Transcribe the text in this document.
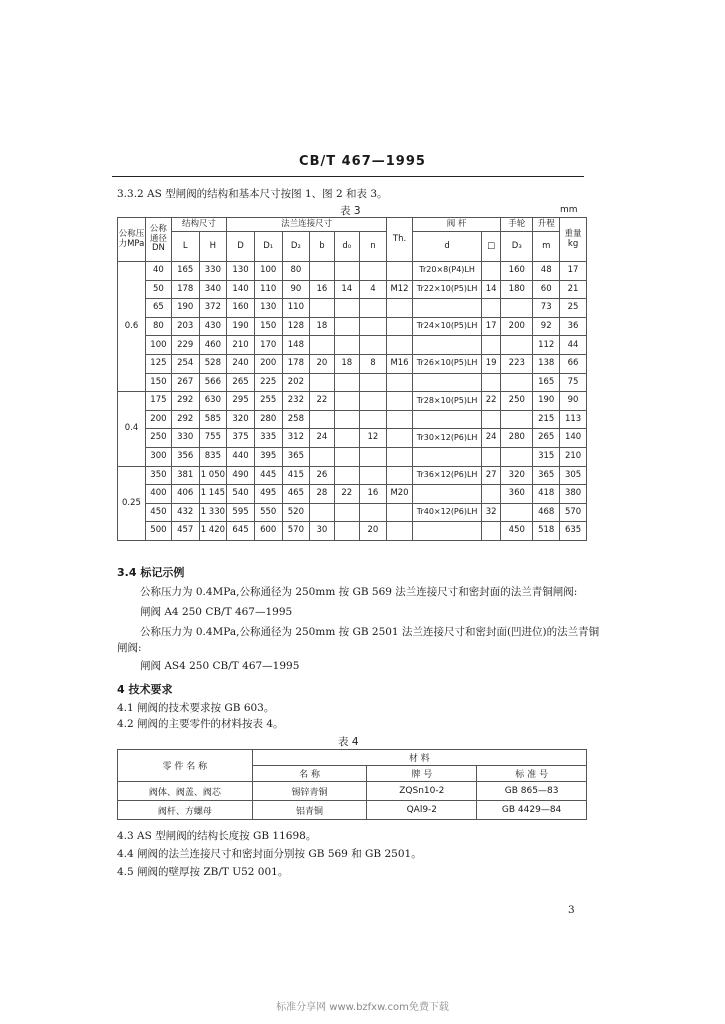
CB/T 467—1995
3.3.2 AS 型闸阀的结构和基本尺寸按图 1、图 2 和表 3。
表 3	mm
公称压力MPa	公称通径DN	结构尺寸		法兰连接尺寸						Th.	阀 杆		手轮	升程	重量kg
		L	H	D	D₁	D₂	b	d₀	n		d	□	D₃	m	
0.6	40	165	330	130	100	80					Tr20×8(P4)LH		160	48	17
	50	178	340	140	110	90	16	14	4	M12	Tr22×10(P5)LH	14	180	60	21
	65	190	372	160	130	110								73	25
	80	203	430	190	150	128	18				Tr24×10(P5)LH	17	200	92	36
	100	229	460	210	170	148								112	44
	125	254	528	240	200	178	20	18	8	M16	Tr26×10(P5)LH	19	223	138	66
	150	267	566	265	225	202								165	75
0.4	175	292	630	295	255	232	22				Tr28×10(P5)LH	22	250	190	90
	200	292	585	320	280	258								215	113
	250	330	755	375	335	312	24		12		Tr30×12(P6)LH	24	280	265	140
	300	356	835	440	395	365								315	210
0.25	350	381	1 050	490	445	415	26				Tr36×12(P6)LH	27	320	365	305
	400	406	1 145	540	495	465	28	22	16	M20			360	418	380
	450	432	1 330	595	550	520					Tr40×12(P6)LH	32		468	570
	500	457	1 420	645	600	570	30		20				450	518	635
3.4 标记示例
公称压力为 0.4MPa,公称通径为 250mm 按 GB 569 法兰连接尺寸和密封面的法兰青铜闸阀:
闸阀 A4 250 CB/T 467—1995
公称压力为 0.4MPa,公称通径为 250mm 按 GB 2501 法兰连接尺寸和密封面(凹进位)的法兰青铜
闸阀:
闸阀 AS4 250 CB/T 467—1995
4 技术要求
4.1 闸阀的技术要求按 GB 603。
4.2 闸阀的主要零件的材料按表 4。
表 4
零 件 名 称	材 料		
	名 称	牌 号	标 准 号
阀体、阀盖、阀芯	锡锌青铜	ZQSn10-2	GB 865—83
阀杆、方螺母	铝青铜	QAl9-2	GB 4429—84
4.3 AS 型闸阀的结构长度按 GB 11698。
4.4 闸阀的法兰连接尺寸和密封面分别按 GB 569 和 GB 2501。
4.5 闸阀的壁厚按 ZB/T U52 001。
3
标准分享网 www.bzfxw.com免费下载
